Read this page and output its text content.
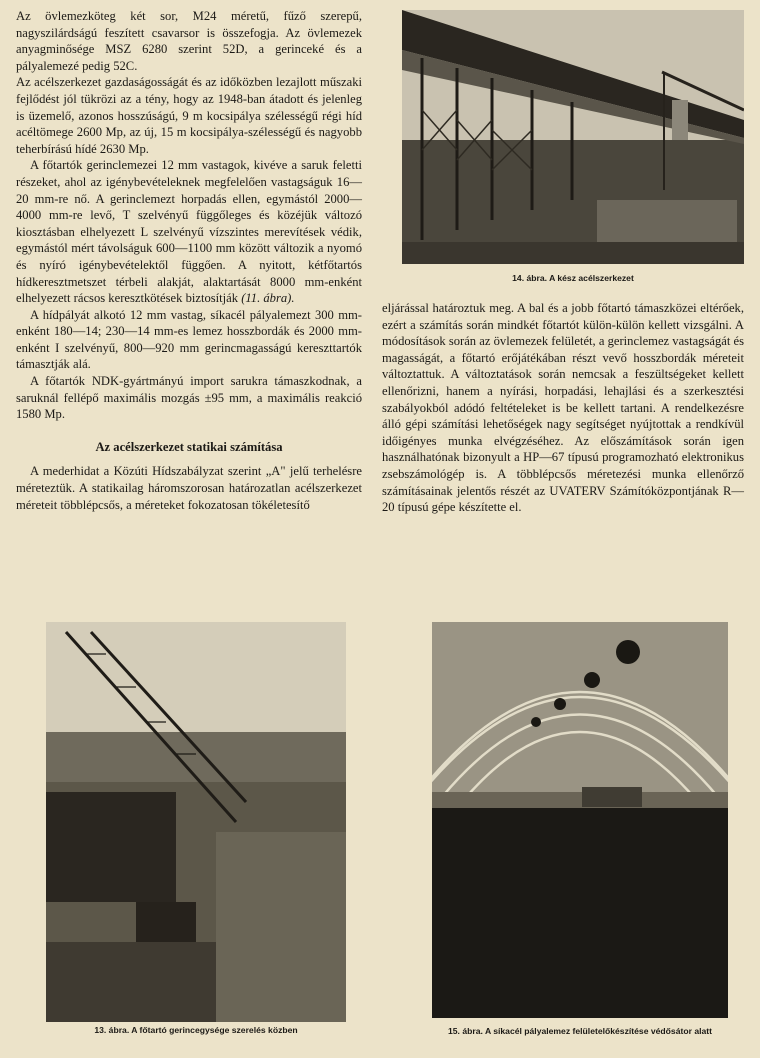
Az övlemezköteg két sor, M24 méretű, fűző szerepű, nagyszilárdságú feszített csavarsor is összefogja. Az övlemezek anyagminősége MSZ 6280 szerint 52D, a gerinceké és a pályalemezé pedig 52C.

Az acélszerkezet gazdaságosságát és az időközben lezajlott műszaki fejlődést jól tükrözi az a tény, hogy az 1948-ban átadott és jelenleg is üzemelő, azonos hosszúságú, 9 m kocsipálya szélességű régi híd acéltömege 2600 Mp, az új, 15 m kocsipálya-szélességű és nagyobb teherbírású hídé 2630 Mp.

A főtartók gerinclemezei 12 mm vastagok, kivéve a saruk feletti részeket, ahol az igénybevételeknek megfelelően vastagságuk 16—20 mm-re nő. A gerinclemezt horpadás ellen, egymástól 2000—4000 mm-re levő, T szelvényű függőleges és közéjük változó kiosztásban elhelyezett L szelvényű vízszintes merevítések védik, egymástól mért távolságuk 600—1100 mm között változik a nyomó és nyíró igénybevételektől függően. A nyitott, kétfőtartós hídkeresztmetszet térbeli alakját, alaktartását 8000 mm-enként elhelyezett rácsos keresztkötések biztosítják (11. ábra).

A hídpályát alkotó 12 mm vastag, síkacél pályalemezt 300 mm-enként 180—14; 230—14 mm-es lemez hosszbordák és 2000 mm-enként I szelvényű, 800—920 mm gerincmagasságú kereszttartók támasztják alá.

A főtartók NDK-gyártmányú import sarukra támaszkodnak, a saruknál fellépő maximális mozgás ±95 mm, a maximális reakció 1580 Mp.

Az acélszerkezet statikai számítása

A mederhidat a Közúti Hídszabályzat szerint „A" jelű terhelésre méreteztük. A statikailag háromszorosan határozatlan acélszerkezet méreteit többlépcsős, a méreteket fokozatosan tökéletesítő

14. ábra. A kész acélszerkezet

eljárással határoztuk meg. A bal és a jobb főtartó támaszközei eltérőek, ezért a számítás során mindkét főtartót külön-külön kellett vizsgálni. A módosítások során az övlemezek felületét, a gerinclemez vastagságát és magasságát, a főtartó erőjátékában részt vevő hosszbordák méreteit változtattuk. A változtatások során nemcsak a feszültségeket kellett ellenőrizni, hanem a nyírási, horpadási, lehajlási és a szerkesztési szabályokból adódó feltételeket is be kellett tartani. A rendelkezésre álló gépi számítási lehetőségek nagy segítséget nyújtottak a rendkívül időigényes munka elvégzéséhez. Az előszámítások során igen használhatónak bizonyult a HP—67 típusú programozható elektronikus zsebszámológép is. A többlépcsős méretezési munka ellenőrző számításainak jelentős részét az UVATERV Számítóközpontjának R—20 típusú gépe készítette el.

13. ábra. A főtartó gerincegysége szerelés közben	15. ábra. A síkacél pályalemez felületelőkészítése védősátor alatt
